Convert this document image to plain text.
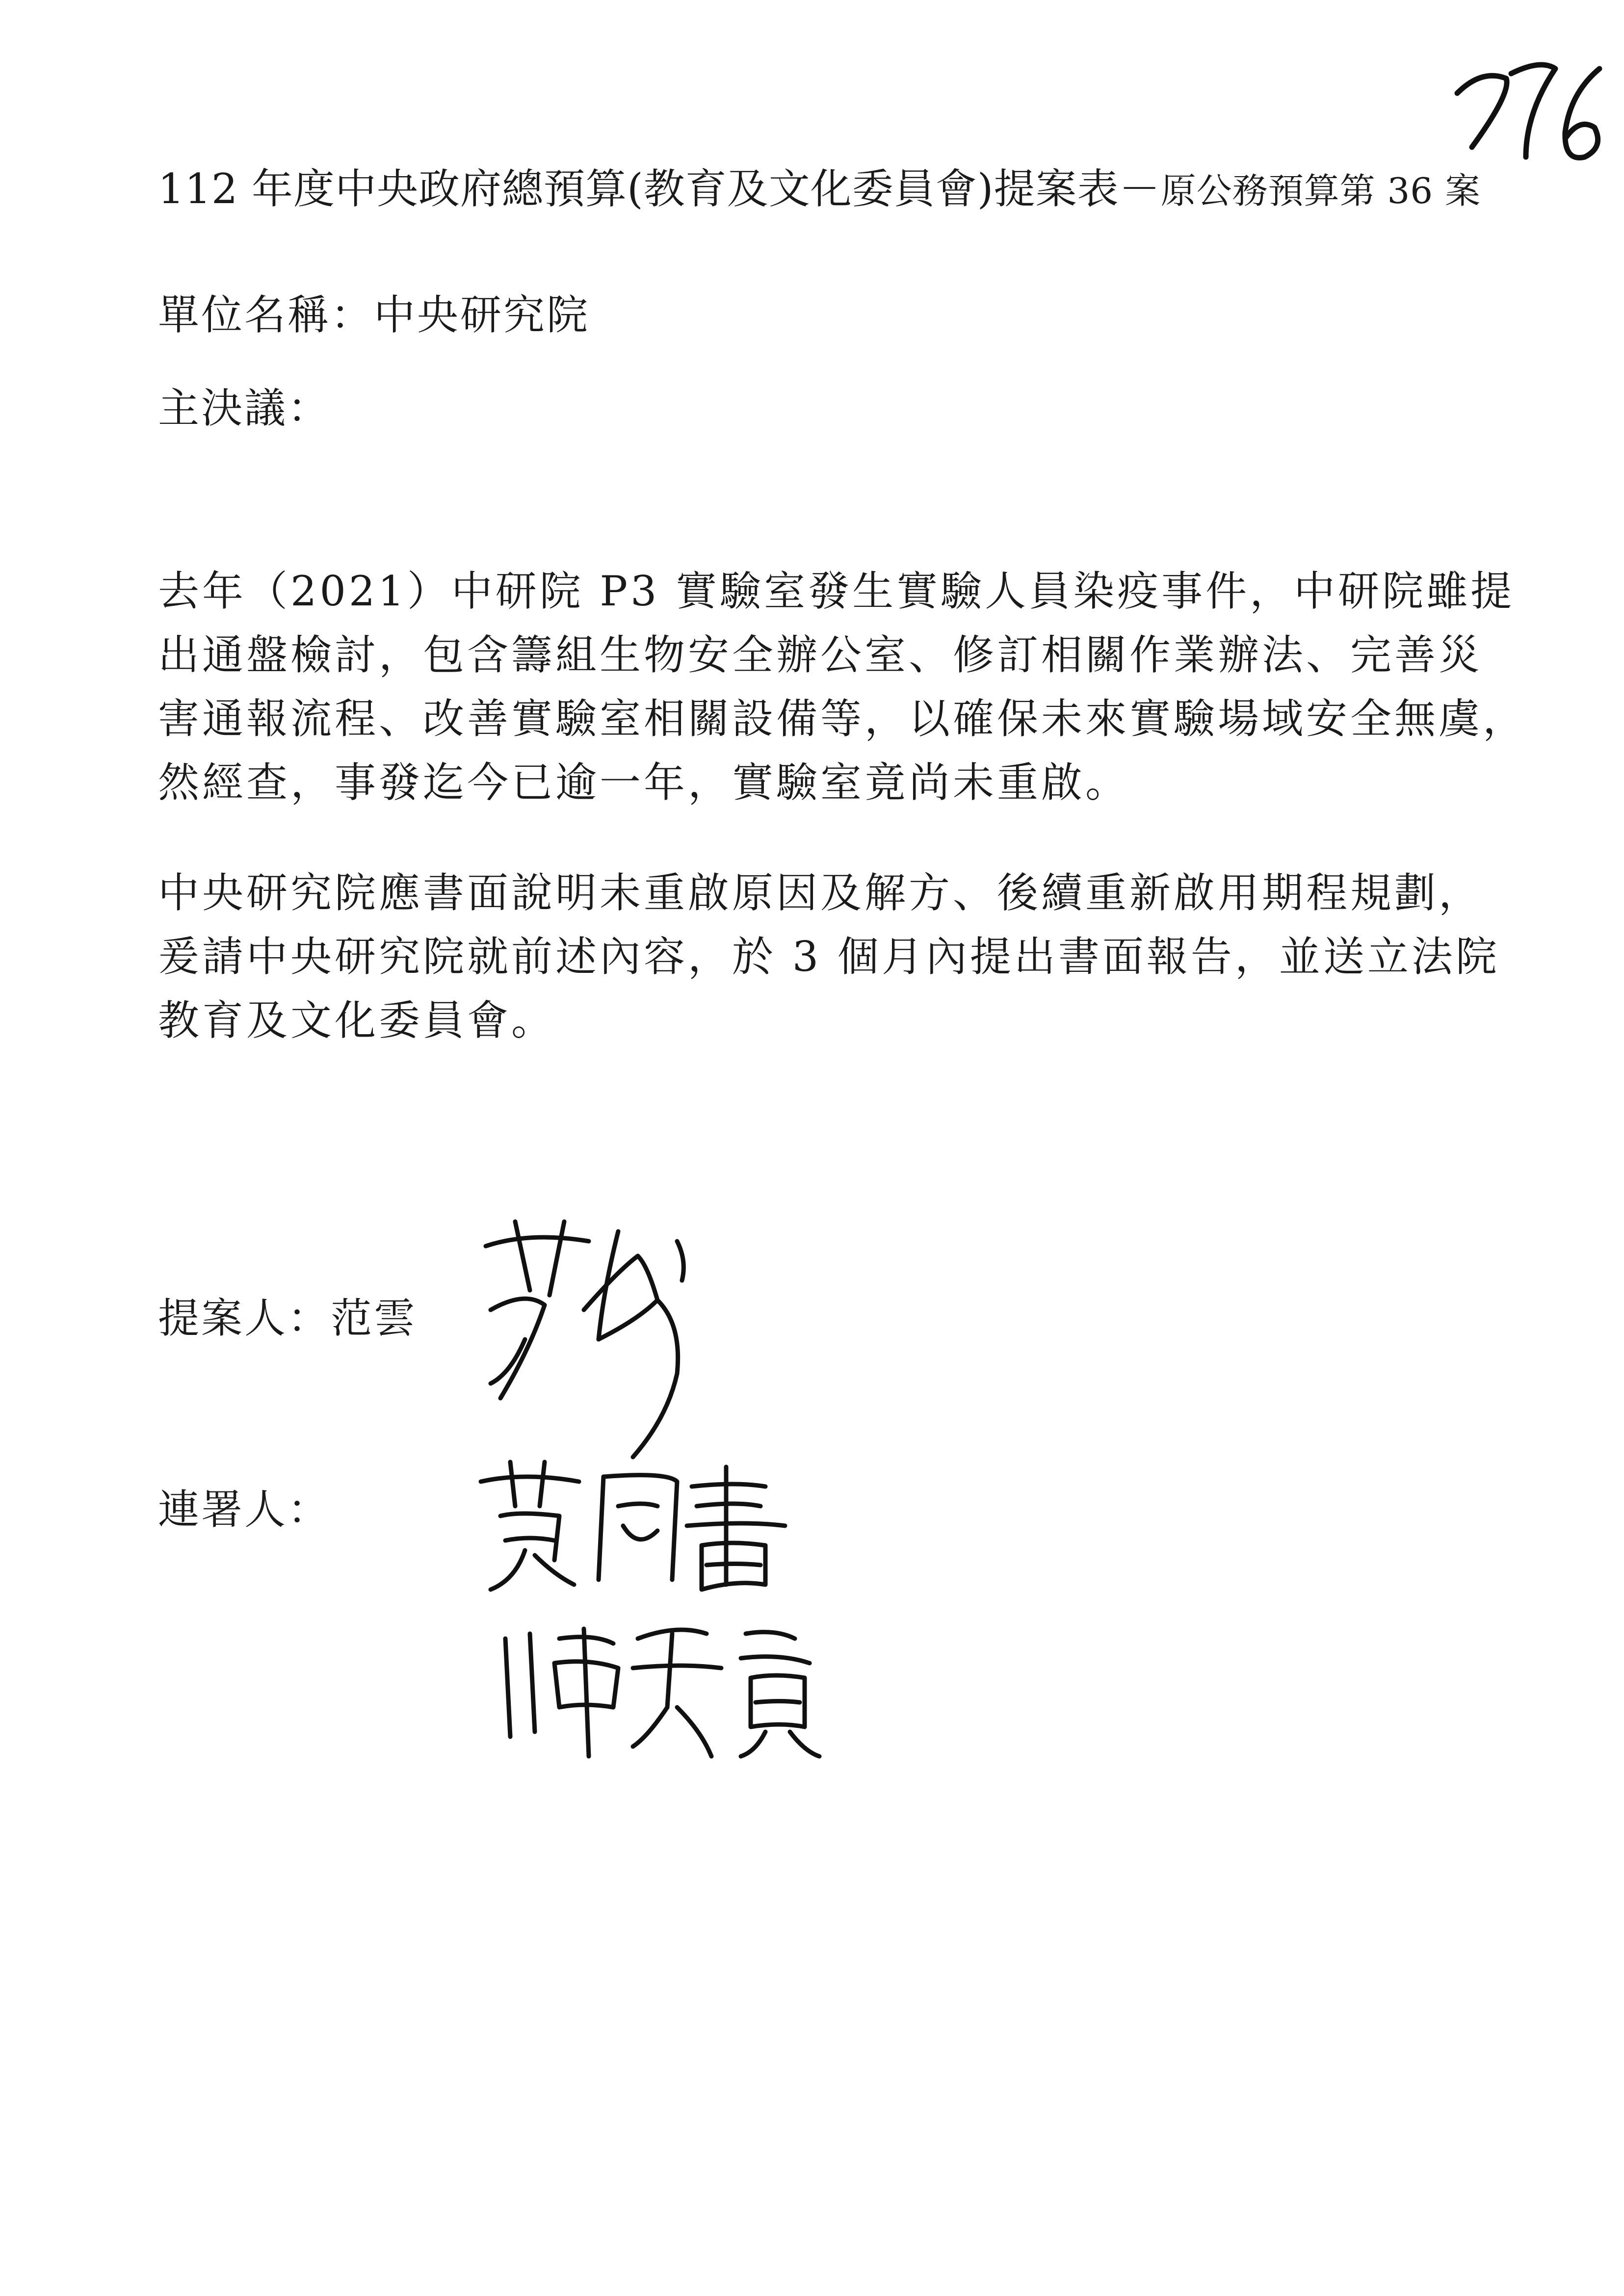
112 年度中央政府總預算(教育及文化委員會)提案表－原公務預算第 36 案
單位名稱：中央研究院
主決議：

去年（2021）中研院 P3 實驗室發生實驗人員染疫事件，中研院雖提

出通盤檢討，包含籌組生物安全辦公室、修訂相關作業辦法、完善災

害通報流程、改善實驗室相關設備等，以確保未來實驗場域安全無虞，

然經查，事發迄今已逾一年，實驗室竟尚未重啟。

中央研究院應書面說明未重啟原因及解方、後續重新啟用期程規劃，

爰請中央研究院就前述內容，於 3 個月內提出書面報告，並送立法院

教育及文化委員會。

提案人：范雲
連署人：
